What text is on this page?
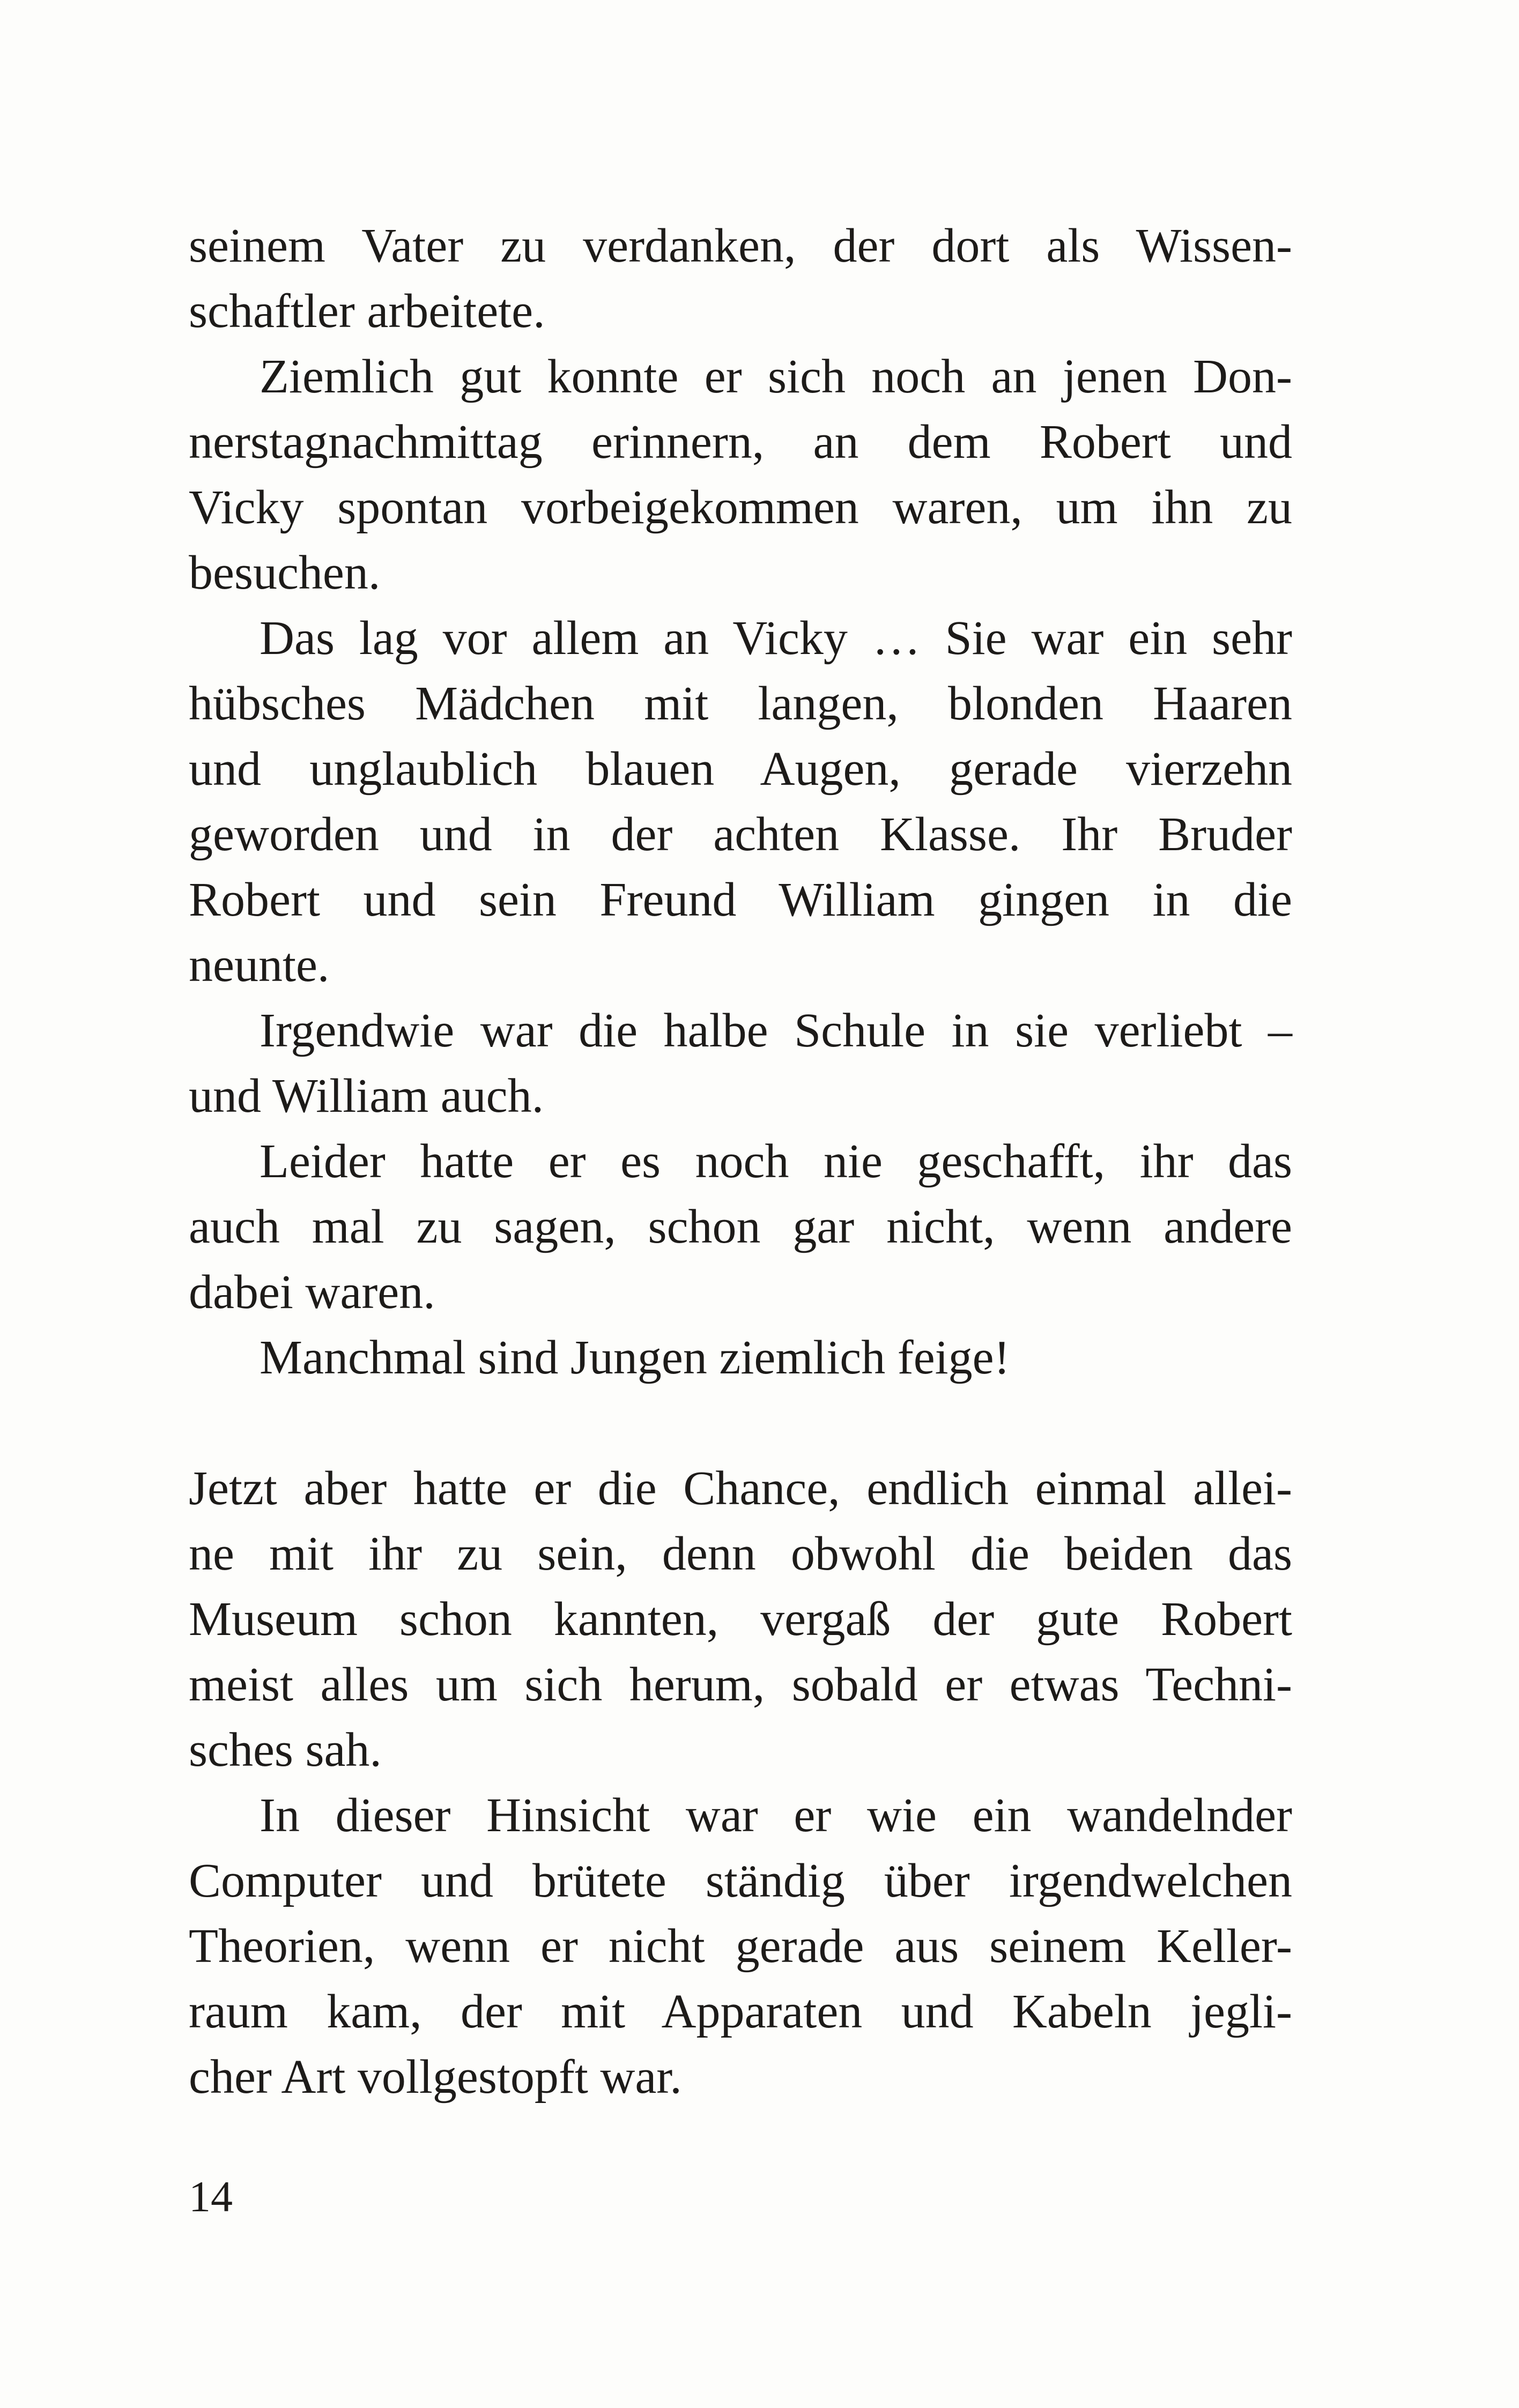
seinem Vater zu verdanken, der dort als Wissen-
schaftler arbeitete.
Ziemlich gut konnte er sich noch an jenen Don-
nerstagnachmittag erinnern, an dem Robert und
Vicky spontan vorbeigekommen waren, um ihn zu
besuchen.
Das lag vor allem an Vicky … Sie war ein sehr
hübsches Mädchen mit langen, blonden Haaren
und unglaublich blauen Augen, gerade vierzehn
geworden und in der achten Klasse. Ihr Bruder
Robert und sein Freund William gingen in die
neunte.
Irgendwie war die halbe Schule in sie verliebt –
und William auch.
Leider hatte er es noch nie geschafft, ihr das
auch mal zu sagen, schon gar nicht, wenn andere
dabei waren.
Manchmal sind Jungen ziemlich feige!
Jetzt aber hatte er die Chance, endlich einmal allei-
ne mit ihr zu sein, denn obwohl die beiden das
Museum schon kannten, vergaß der gute Robert
meist alles um sich herum, sobald er etwas Techni-
sches sah.
In dieser Hinsicht war er wie ein wandelnder
Computer und brütete ständig über irgendwelchen
Theorien, wenn er nicht gerade aus seinem Keller-
raum kam, der mit Apparaten und Kabeln jegli-
cher Art vollgestopft war.
14
